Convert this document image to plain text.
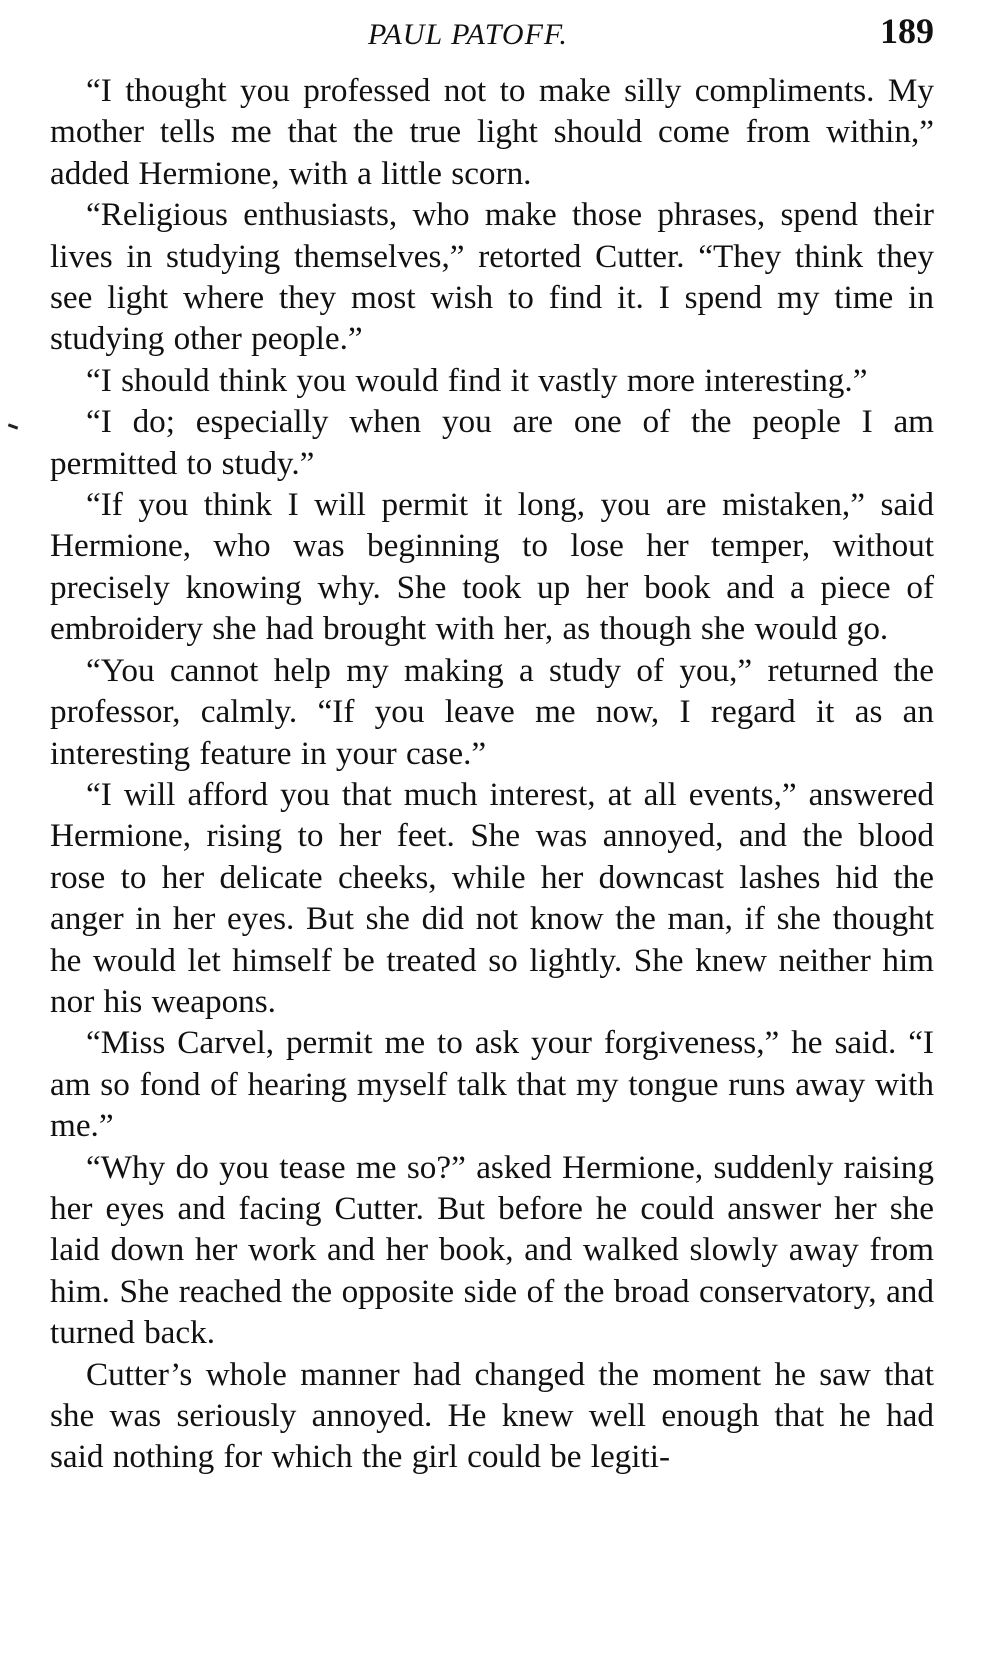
PAUL PATOFF.	189

“I thought you professed not to make silly compliments. My mother tells me that the true light should come from within,” added Hermione, with a little scorn.

“Religious enthusiasts, who make those phrases, spend their lives in studying themselves,” retorted Cutter. “They think they see light where they most wish to find it. I spend my time in studying other people.”

“I should think you would find it vastly more interesting.”

“I do; especially when you are one of the people I am permitted to study.”

“If you think I will permit it long, you are mistaken,” said Hermione, who was beginning to lose her temper, without precisely knowing why. She took up her book and a piece of embroidery she had brought with her, as though she would go.

“You cannot help my making a study of you,” returned the professor, calmly. “If you leave me now, I regard it as an interesting feature in your case.”

“I will afford you that much interest, at all events,” answered Hermione, rising to her feet. She was annoyed, and the blood rose to her delicate cheeks, while her downcast lashes hid the anger in her eyes. But she did not know the man, if she thought he would let himself be treated so lightly. She knew neither him nor his weapons.

“Miss Carvel, permit me to ask your forgiveness,” he said. “I am so fond of hearing myself talk that my tongue runs away with me.”

“Why do you tease me so?” asked Hermione, suddenly raising her eyes and facing Cutter. But before he could answer her she laid down her work and her book, and walked slowly away from him. She reached the opposite side of the broad conservatory, and turned back.

Cutter’s whole manner had changed the moment he saw that she was seriously annoyed. He knew well enough that he had said nothing for which the girl could be legiti-
